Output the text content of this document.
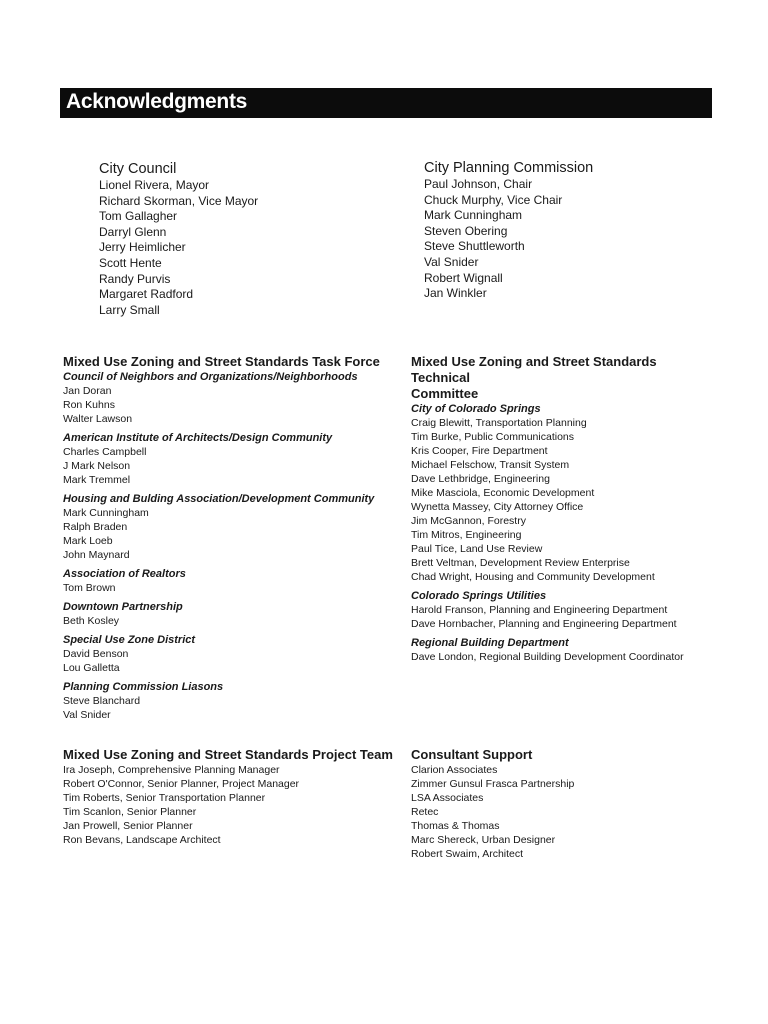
Acknowledgments
City Council
Lionel Rivera, Mayor
Richard Skorman, Vice Mayor
Tom Gallagher
Darryl Glenn
Jerry Heimlicher
Scott Hente
Randy Purvis
Margaret Radford
Larry Small
City Planning Commission
Paul Johnson, Chair
Chuck Murphy, Vice Chair
Mark Cunningham
Steven Obering
Steve Shuttleworth
Val Snider
Robert Wignall
Jan Winkler
Mixed Use Zoning and Street Standards Task Force
Council of Neighbors and Organizations/Neighborhoods
Jan Doran
Ron Kuhns
Walter Lawson
American Institute of Architects/Design Community
Charles Campbell
J Mark Nelson
Mark Tremmel
Housing and Bulding Association/Development Community
Mark Cunningham
Ralph Braden
Mark Loeb
John Maynard
Association of Realtors
Tom Brown
Downtown Partnership
Beth Kosley
Special Use Zone District
David Benson
Lou Galletta
Planning Commission Liasons
Steve Blanchard
Val Snider
Mixed Use Zoning and Street Standards Technical
Committee
City of Colorado Springs
Craig Blewitt, Transportation Planning
Tim Burke, Public Communications
Kris Cooper, Fire Department
Michael Felschow, Transit System
Dave Lethbridge, Engineering
Mike Masciola, Economic Development
Wynetta Massey, City Attorney Office
Jim McGannon, Forestry
Tim Mitros, Engineering
Paul Tice, Land Use Review
Brett Veltman, Development Review Enterprise
Chad Wright, Housing and Community Development
Colorado Springs Utilities
Harold Franson, Planning and Engineering Department
Dave Hornbacher, Planning and Engineering Department
Regional Building Department
Dave London, Regional Building Development Coordinator
Mixed Use Zoning and Street Standards Project Team
Ira Joseph, Comprehensive Planning Manager
Robert O'Connor, Senior Planner, Project Manager
Tim Roberts, Senior Transportation Planner
Tim Scanlon, Senior Planner
Jan Prowell, Senior Planner
Ron Bevans, Landscape Architect
Consultant Support
Clarion Associates
Zimmer Gunsul Frasca Partnership
LSA Associates
Retec
Thomas & Thomas
Marc Shereck, Urban Designer
Robert Swaim, Architect
